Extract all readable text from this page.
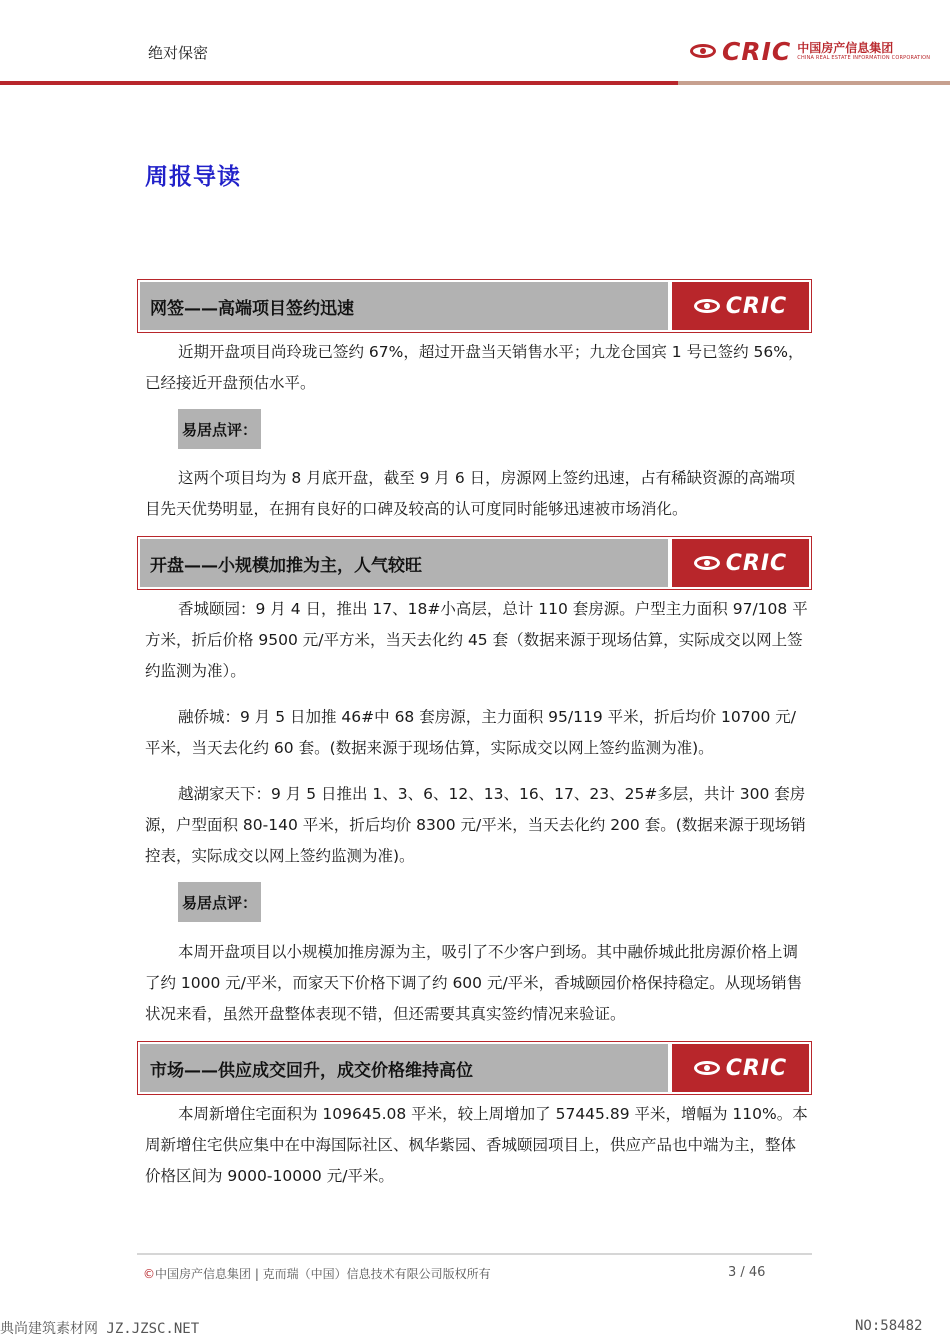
绝对保密	CRIC 中国房产信息集团
CHINA REAL ESTATE INFORMATION CORPORATION
周报导读
网签——高端项目签约迅速	CRIC

近期开盘项目尚玲珑已签约 67%，超过开盘当天销售水平；九龙仓国宾 1 号已签约 56%，已经接近开盘预估水平。

易居点评：

这两个项目均为 8 月底开盘，截至 9 月 6 日，房源网上签约迅速，占有稀缺资源的高端项目先天优势明显，在拥有良好的口碑及较高的认可度同时能够迅速被市场消化。

开盘——小规模加推为主，人气较旺	CRIC

香城颐园：9 月 4 日，推出 17、18#小高层，总计 110 套房源。户型主力面积 97/108 平方米，折后价格 9500 元/平方米，当天去化约 45 套（数据来源于现场估算，实际成交以网上签约监测为准）。

融侨城：9 月 5 日加推 46#中 68 套房源，主力面积 95/119 平米，折后均价 10700 元/平米，当天去化约 60 套。(数据来源于现场估算，实际成交以网上签约监测为准)。

越湖家天下：9 月 5 日推出 1、3、6、12、13、16、17、23、25#多层，共计 300 套房源，户型面积 80-140 平米，折后均价 8300 元/平米，当天去化约 200 套。(数据来源于现场销控表，实际成交以网上签约监测为准)。

易居点评：

本周开盘项目以小规模加推房源为主，吸引了不少客户到场。其中融侨城此批房源价格上调了约 1000 元/平米，而家天下价格下调了约 600 元/平米，香城颐园价格保持稳定。从现场销售状况来看，虽然开盘整体表现不错，但还需要其真实签约情况来验证。

市场——供应成交回升，成交价格维持高位	CRIC

本周新增住宅面积为 109645.08 平米，较上周增加了 57445.89 平米，增幅为 110%。本周新增住宅供应集中在中海国际社区、枫华紫园、香城颐园项目上，供应产品也中端为主，整体价格区间为 9000-10000 元/平米。

©中国房产信息集团 | 克而瑞（中国）信息技术有限公司版权所有	3 / 46
典尚建筑素材网 JZ.JZSC.NET	NO:58482
